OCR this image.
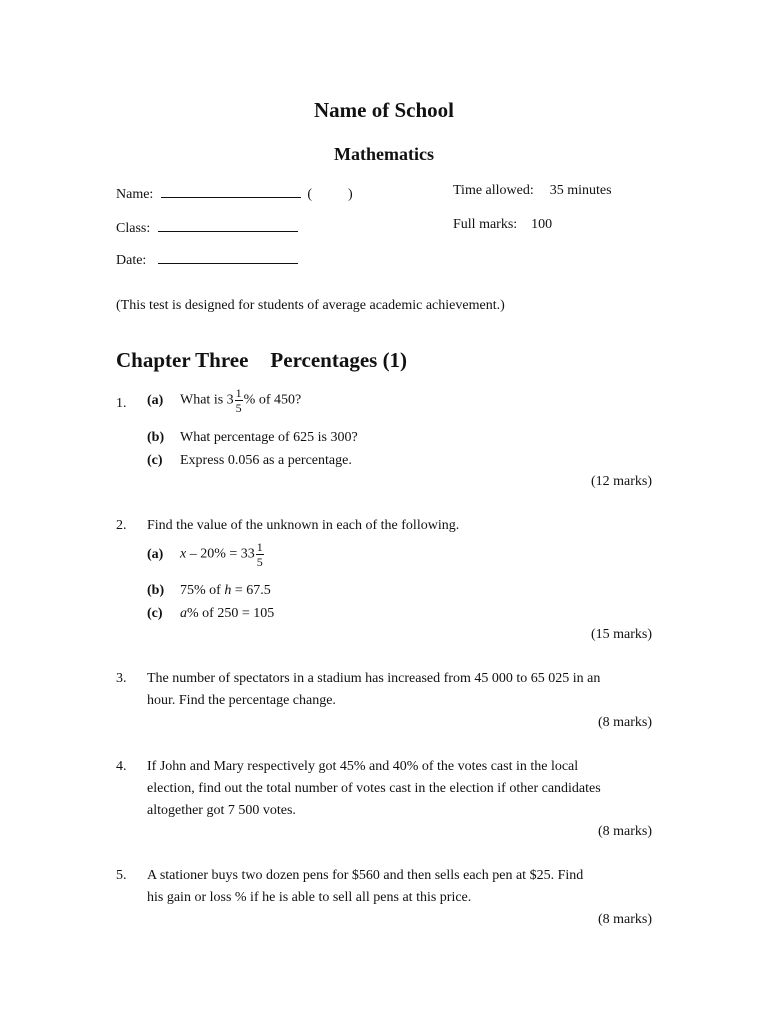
Name of School
Mathematics
Name:	(	)	Time allowed: 35 minutes
Class:	Full marks: 100
Date:
(This test is designed for students of average academic achievement.)
Chapter Three Percentages (1)
1. (a) What is $3 \frac{1}{5}$ % of 450?
(b) What percentage of 625 is 300?
(c) Express 0.056 as a percentage.
(12 marks)
2. Find the value of the unknown in each of the following.
(a) $x - 20\% = 33 \frac{1}{5}$
(b) 75% of h = 67.5
(c) a% of 250 = 105
(15 marks)
3. The number of spectators in a stadium has increased from 45 000 to 65 025 in an
hour. Find the percentage change.
(8 marks)
4. If John and Mary respectively got 45% and 40% of the votes cast in the local
election, find out the total number of votes cast in the election if other candidates
altogether got 7 500 votes.
(8 marks)
5. A stationer buys two dozen pens for $560 and then sells each pen at $25. Find
his gain or loss % if he is able to sell all pens at this price.
(8 marks)
